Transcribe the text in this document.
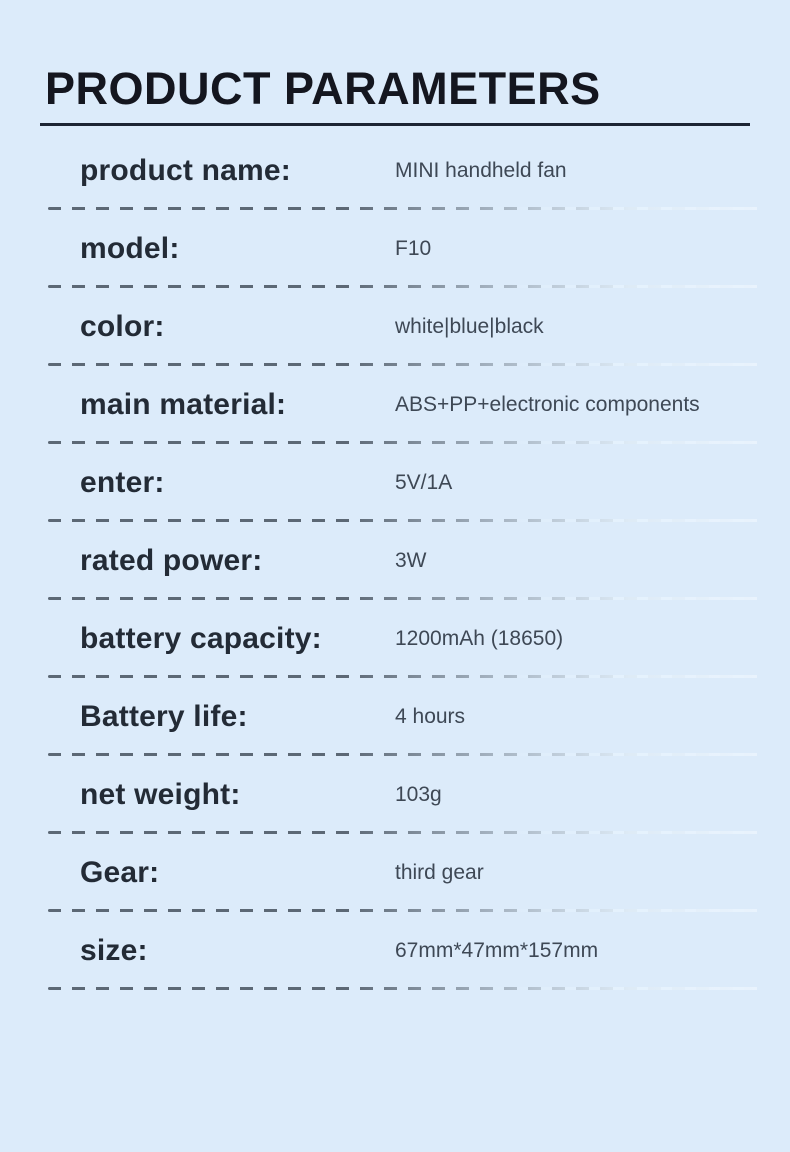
PRODUCT PARAMETERS
product name:	MINI handheld fan
model:	F10
color:	white|blue|black
main material:	ABS+PP+electronic components
enter:	5V/1A
rated power:	3W
battery capacity:	1200mAh (18650)
Battery life:	4 hours
net weight:	103g
Gear:	third gear
size:	67mm*47mm*157mm
